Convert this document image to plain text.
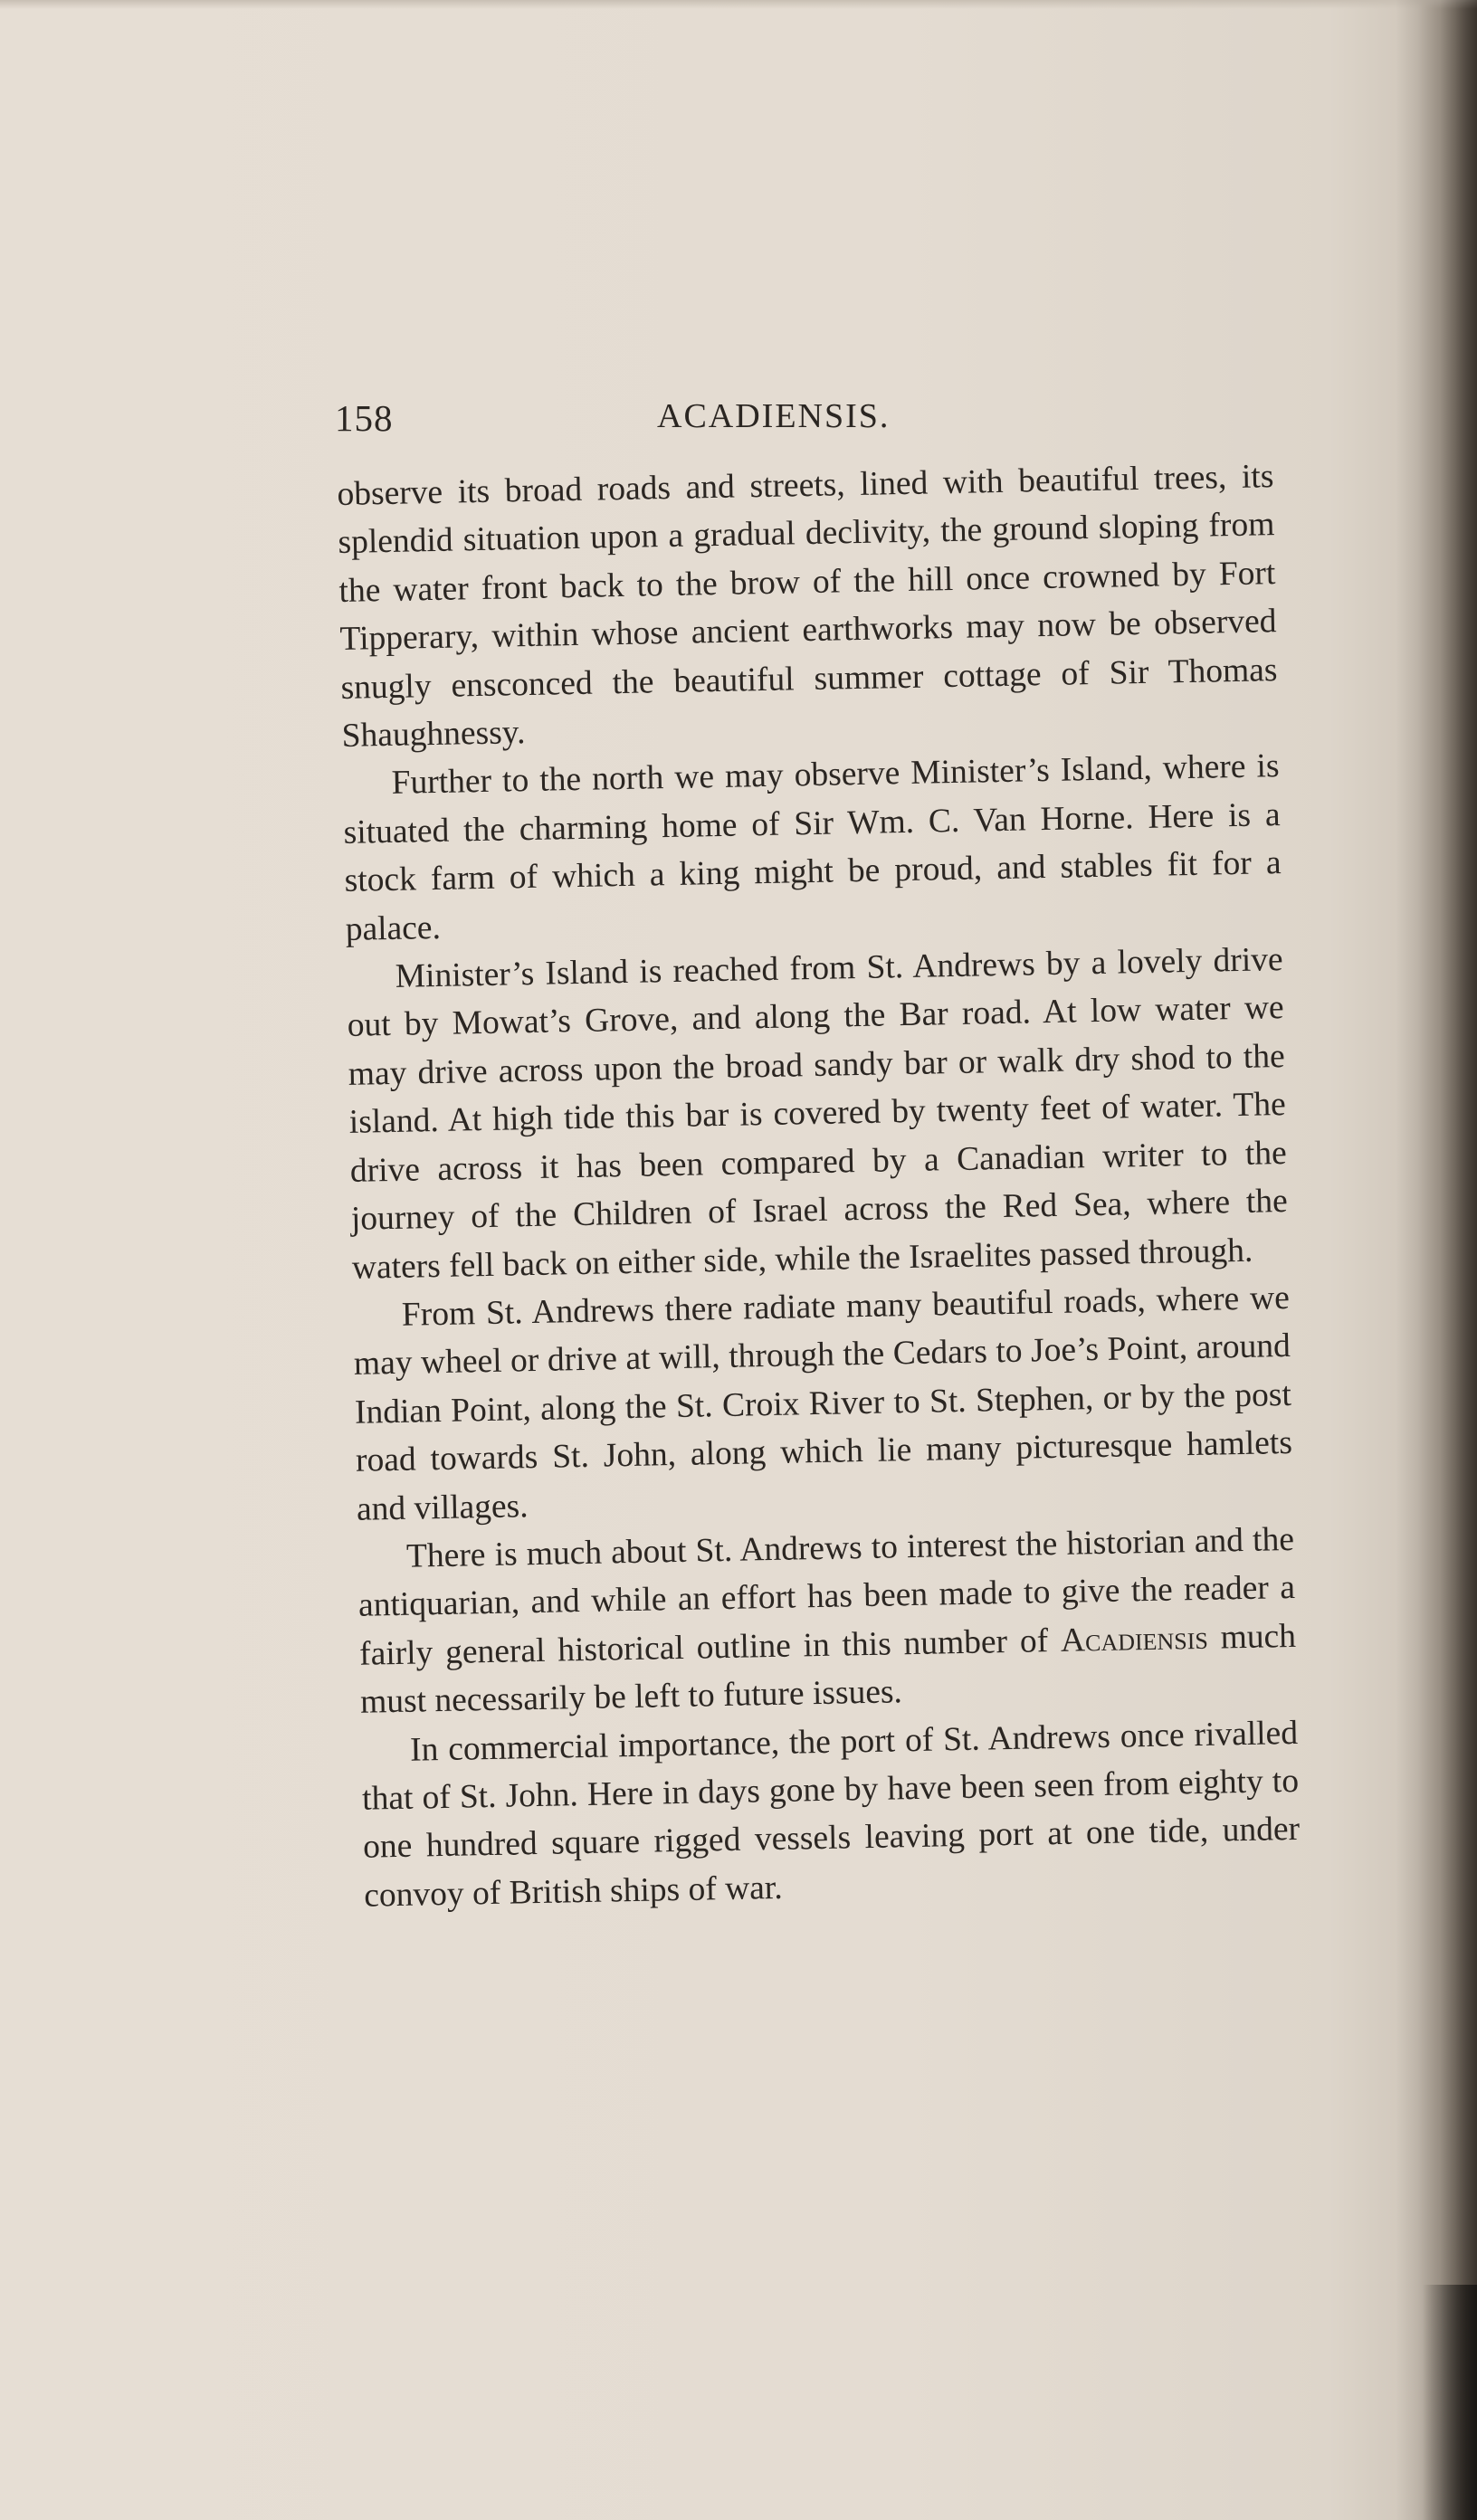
158	ACADIENSIS.

observe its broad roads and streets, lined with beautiful trees, its splendid situation upon a gradual declivity, the ground sloping from the water front back to the brow of the hill once crowned by Fort Tipperary, within whose ancient earthworks may now be observed snugly ensconced the beautiful summer cottage of Sir Thomas Shaughnessy.

Further to the north we may observe Minister’s Island, where is situated the charming home of Sir Wm. C. Van Horne. Here is a stock farm of which a king might be proud, and stables fit for a palace.

Minister’s Island is reached from St. Andrews by a lovely drive out by Mowat’s Grove, and along the Bar road. At low water we may drive across upon the broad sandy bar or walk dry shod to the island. At high tide this bar is covered by twenty feet of water. The drive across it has been compared by a Canadian writer to the journey of the Children of Israel across the Red Sea, where the waters fell back on either side, while the Israelites passed through.

From St. Andrews there radiate many beautiful roads, where we may wheel or drive at will, through the Cedars to Joe’s Point, around Indian Point, along the St. Croix River to St. Stephen, or by the post road towards St. John, along which lie many picturesque hamlets and villages.

There is much about St. Andrews to interest the historian and the antiquarian, and while an effort has been made to give the reader a fairly general historical outline in this number of Acadiensis much must necessarily be left to future issues.

In commercial importance, the port of St. Andrews once rivalled that of St. John. Here in days gone by have been seen from eighty to one hundred square rigged vessels leaving port at one tide, under convoy of British ships of war.
